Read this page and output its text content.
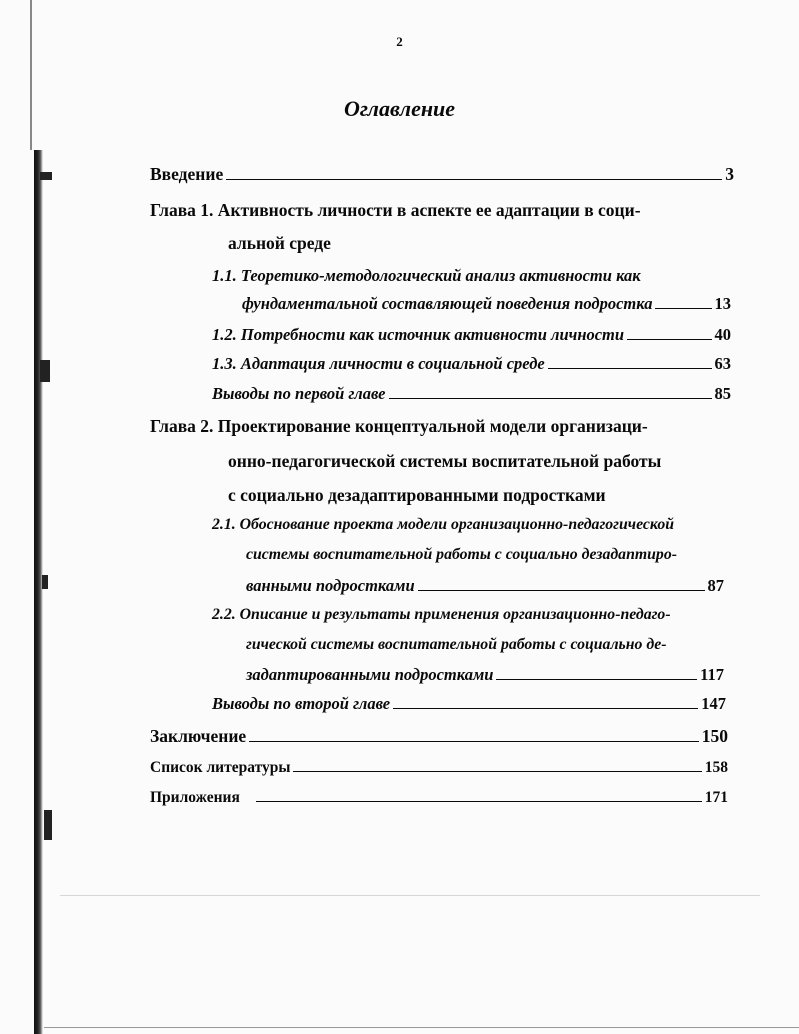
2
Оглавление
Введение	3
Глава 1. Активность личности в аспекте ее адаптации в соци-
альной среде
1.1. Теоретико-методологический анализ активности как
фундаментальной составляющей поведения подростка	13
1.2. Потребности как источник активности личности	40
1.3. Адаптация личности в социальной среде	63
Выводы по первой главе	85
Глава 2. Проектирование концептуальной модели организаци-
онно-педагогической системы воспитательной работы
с социально дезадаптированными подростками
2.1. Обоснование проекта модели организационно-педагогической
системы воспитательной работы с социально дезадаптиро-
ванными подростками	87
2.2. Описание и результаты применения организационно-педаго-
гической системы воспитательной работы с социально де-
задаптированными подростками	117
Выводы по второй главе	147
Заключение	150
Список литературы	158
Приложения	171
